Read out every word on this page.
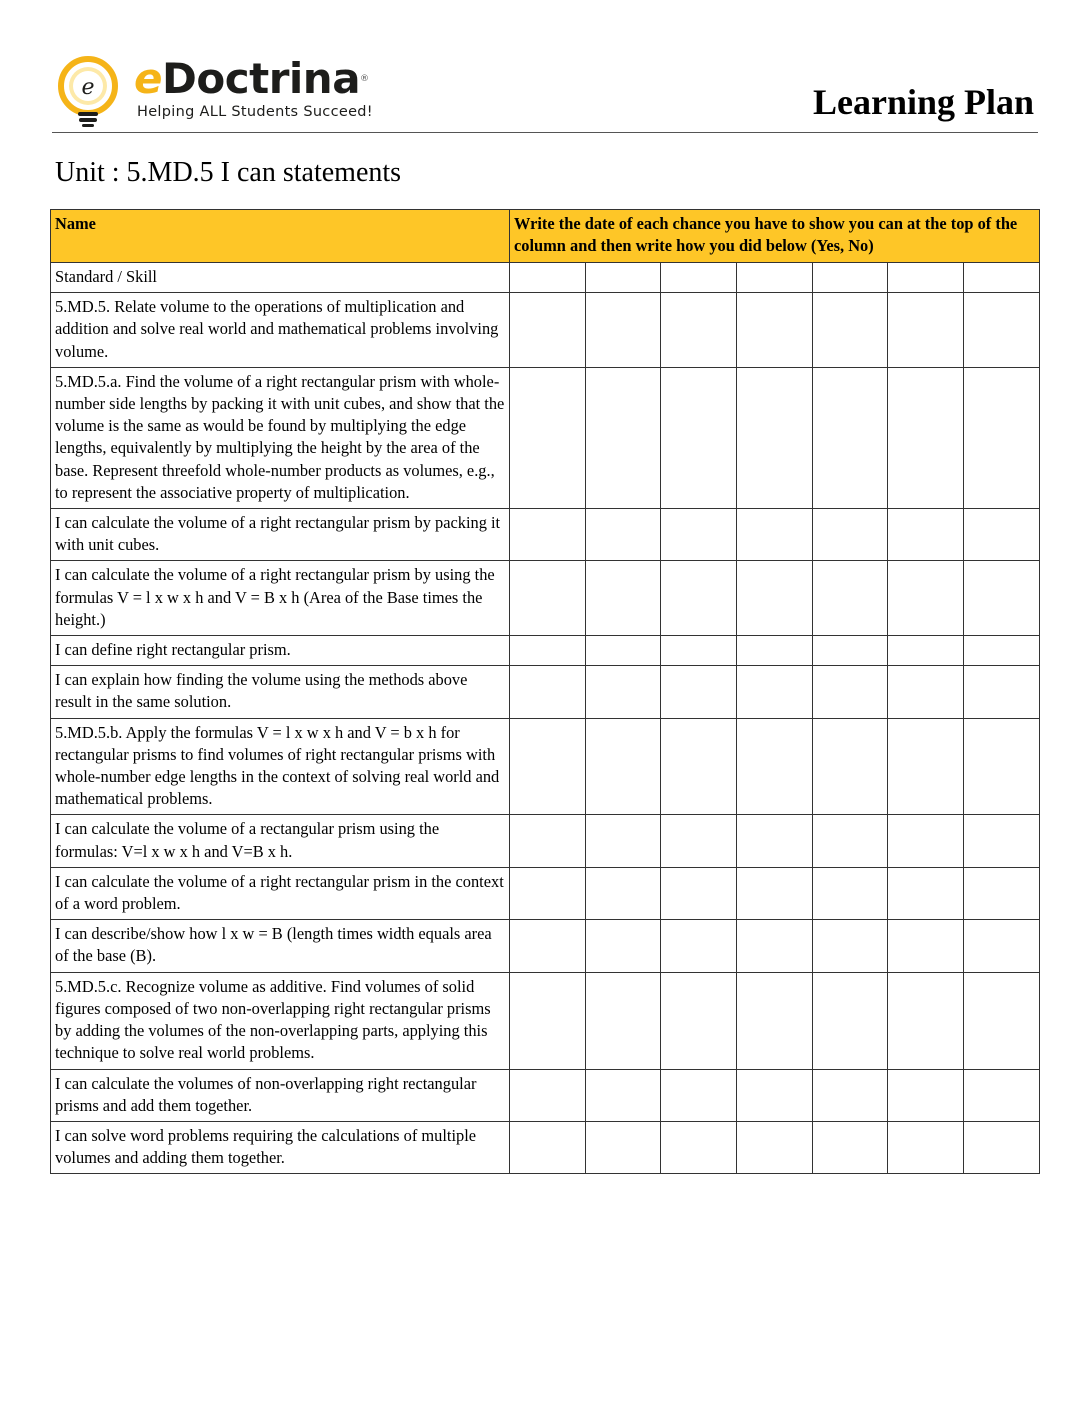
e eDoctrina®
Helping ALL Students Succeed!	Learning Plan
Unit : 5.MD.5 I can statements
Name	Write the date of each chance you have to show you can at the top of the column and then write how you did below (Yes, No)						
Standard / Skill							
5.MD.5. Relate volume to the operations of multiplication and addition and solve real world and mathematical problems involving volume.							
5.MD.5.a. Find the volume of a right rectangular prism with whole-number side lengths by packing it with unit cubes, and show that the volume is the same as would be found by multiplying the edge lengths, equivalently by multiplying the height by the area of the base. Represent threefold whole-number products as volumes, e.g., to represent the associative property of multiplication.							
I can calculate the volume of a right rectangular prism by packing it with unit cubes.							
I can calculate the volume of a right rectangular prism by using the formulas V = l x w x h and V = B x h (Area of the Base times the height.)							
I can define right rectangular prism.							
I can explain how finding the volume using the methods above result in the same solution.							
5.MD.5.b. Apply the formulas V = l x w x h and V = b x h for rectangular prisms to find volumes of right rectangular prisms with whole-number edge lengths in the context of solving real world and mathematical problems.							
I can calculate the volume of a rectangular prism using the formulas: V=l x w x h and V=B x h.							
I can calculate the volume of a right rectangular prism in the context of a word problem.							
I can describe/show how l x w = B (length times width equals area of the base (B).							
5.MD.5.c. Recognize volume as additive. Find volumes of solid figures composed of two non-overlapping right rectangular prisms by adding the volumes of the non-overlapping parts, applying this technique to solve real world problems.							
I can calculate the volumes of non-overlapping right rectangular prisms and add them together.							
I can solve word problems requiring the calculations of multiple volumes and adding them together.							
